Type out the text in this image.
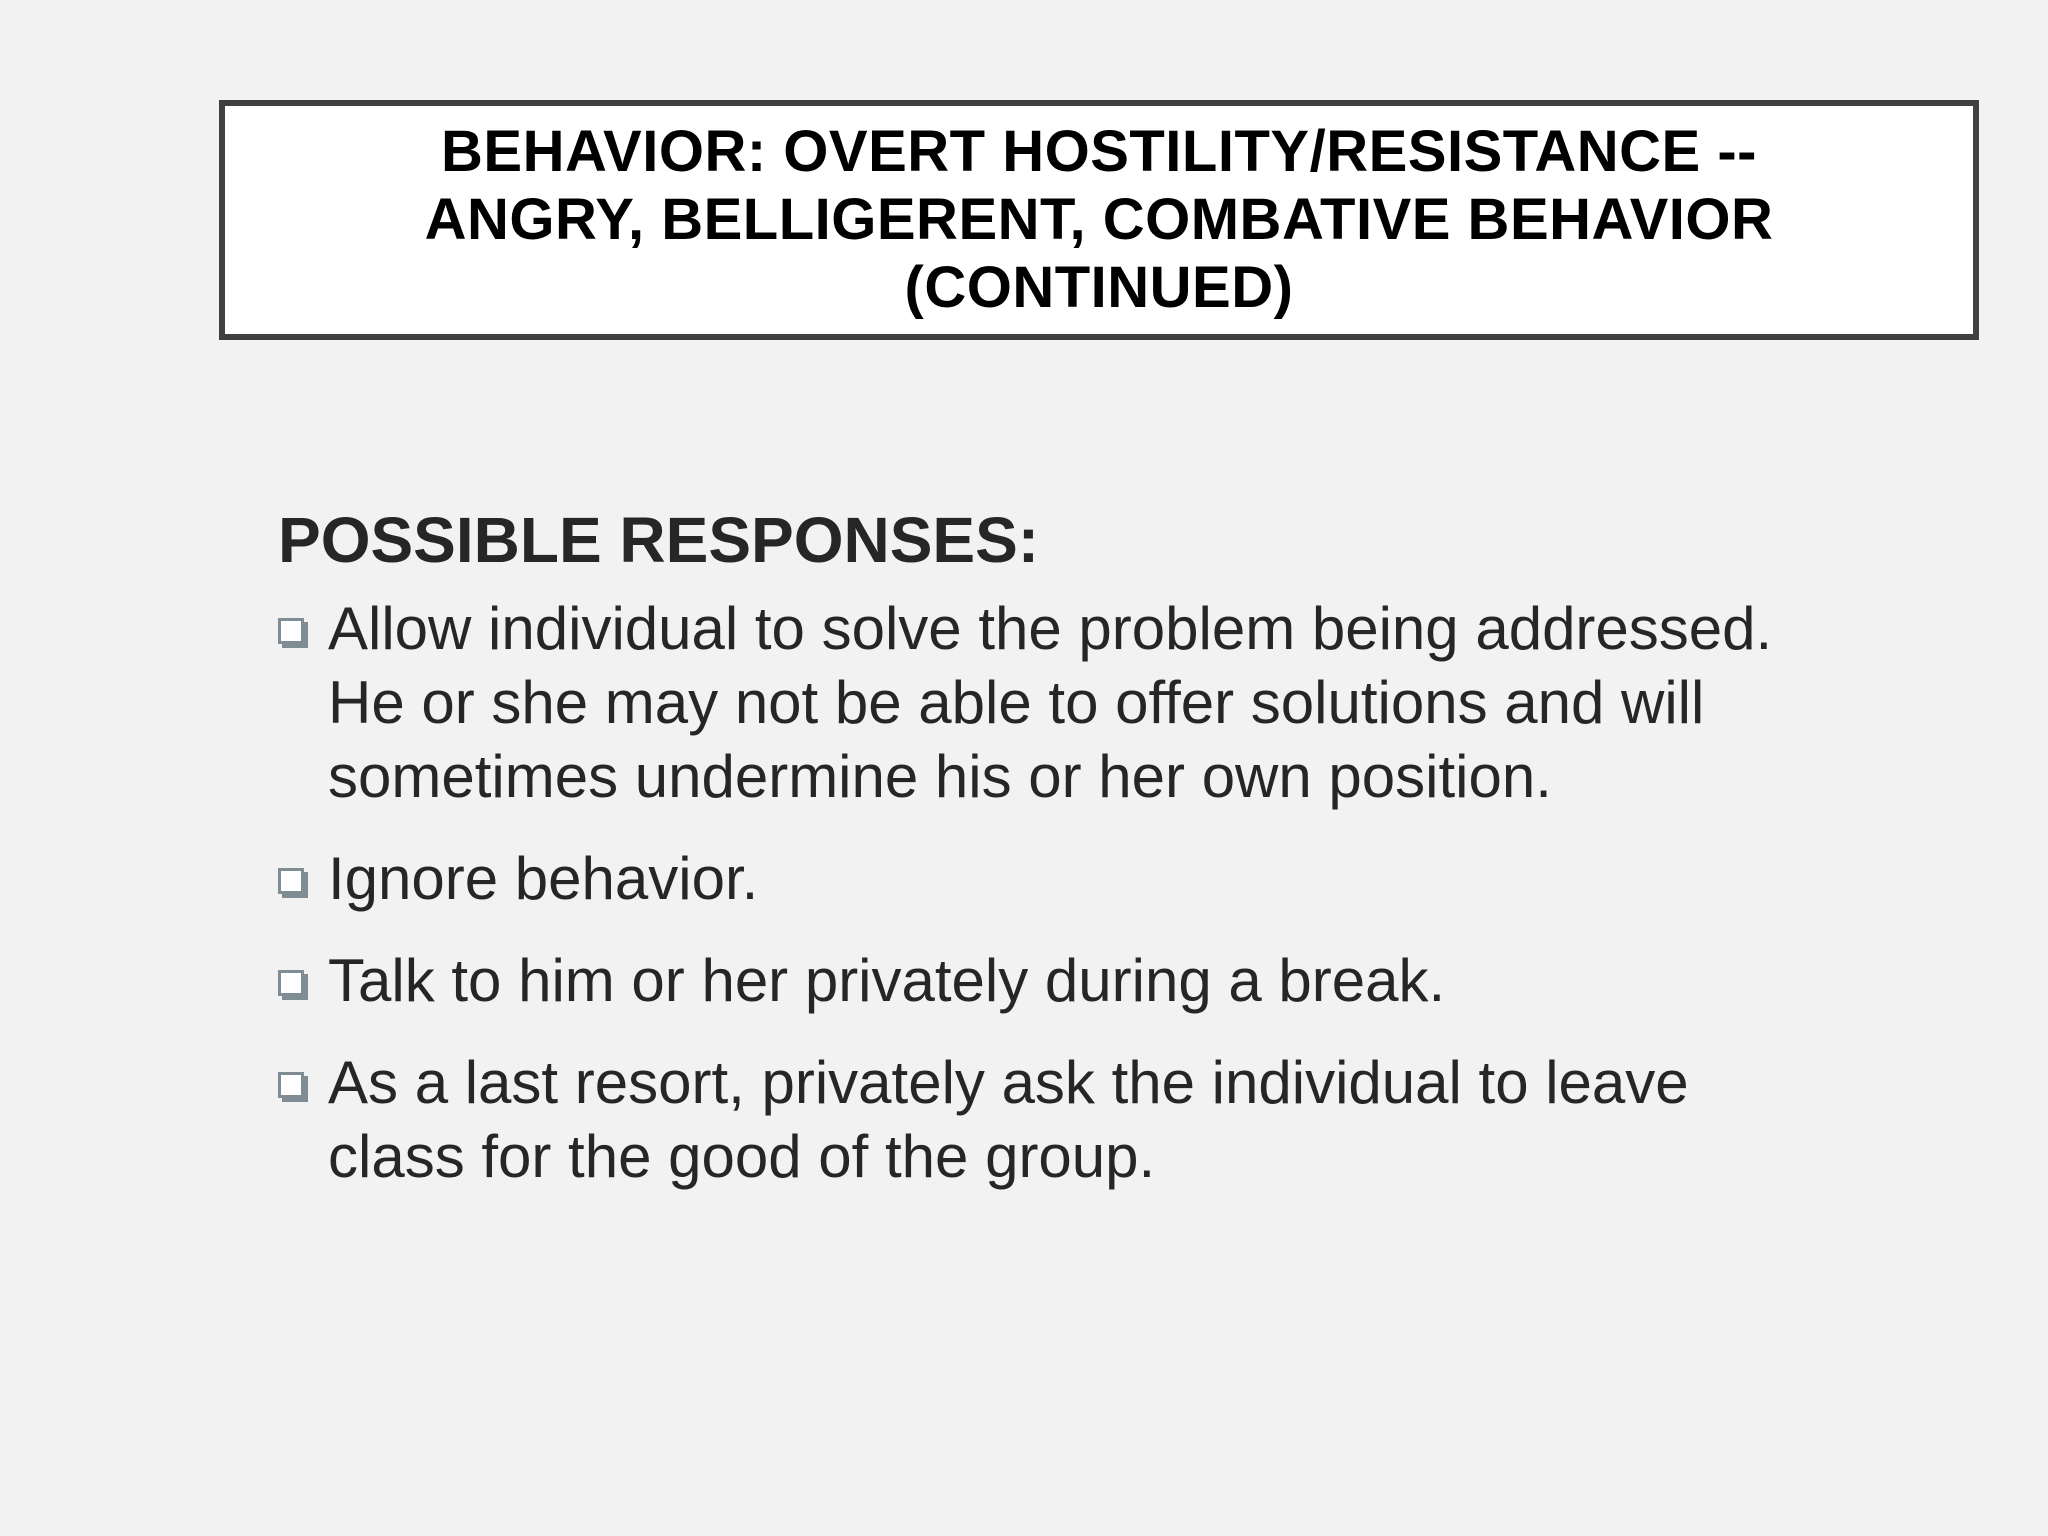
BEHAVIOR: OVERT HOSTILITY/RESISTANCE --
ANGRY, BELLIGERENT, COMBATIVE BEHAVIOR
(CONTINUED)
POSSIBLE RESPONSES:
Allow individual to solve the problem being addressed. He or she may not be able to offer solutions and will sometimes undermine his or her own position.
Ignore behavior.
Talk to him or her privately during a break.
As a last resort, privately ask the individual to leave class for the good of the group.
